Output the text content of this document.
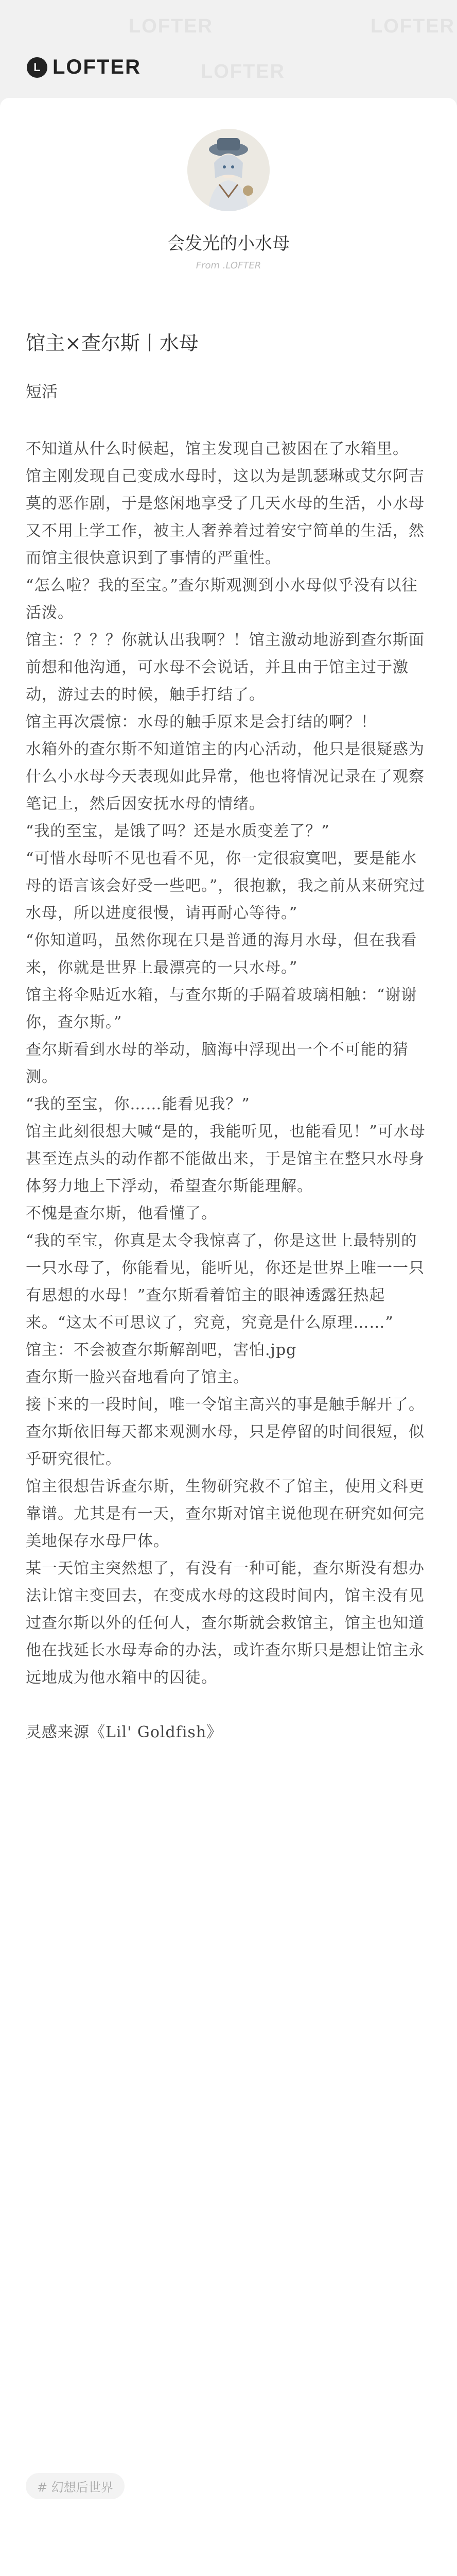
LOFTER	LOFTER
LOFTER
L LOFTER
会发光的小水母
From .LOFTER
馆主×查尔斯丨水母
短活

不知道从什么时候起，馆主发现自己被困在了水箱里。

馆主刚发现自己变成水母时，这以为是凯瑟琳或艾尔阿吉莫的恶作剧，于是悠闲地享受了几天水母的生活，小水母又不用上学工作，被主人奢养着过着安宁简单的生活，然而馆主很快意识到了事情的严重性。

“怎么啦？我的至宝。”查尔斯观测到小水母似乎没有以往活泼。

馆主：？？？你就认出我啊？！馆主激动地游到查尔斯面前想和他沟通，可水母不会说话，并且由于馆主过于激动，游过去的时候，触手打结了。

馆主再次震惊：水母的触手原来是会打结的啊？！

水箱外的查尔斯不知道馆主的内心活动，他只是很疑惑为什么小水母今天表现如此异常，他也将情况记录在了观察笔记上，然后因安抚水母的情绪。

“我的至宝，是饿了吗？还是水质变差了？”

“可惜水母听不见也看不见，你一定很寂寞吧，要是能水母的语言该会好受一些吧。”，很抱歉，我之前从来研究过水母，所以进度很慢，请再耐心等待。”

“你知道吗，虽然你现在只是普通的海月水母，但在我看来，你就是世界上最漂亮的一只水母。”

馆主将伞贴近水箱，与查尔斯的手隔着玻璃相触：“谢谢你，查尔斯。”

查尔斯看到水母的举动，脑海中浮现出一个不可能的猜测。

“我的至宝，你……能看见我？”

馆主此刻很想大喊“是的，我能听见，也能看见！”可水母甚至连点头的动作都不能做出来，于是馆主在整只水母身体努力地上下浮动，希望查尔斯能理解。

不愧是查尔斯，他看懂了。

“我的至宝，你真是太令我惊喜了，你是这世上最特别的一只水母了，你能看见，能听见，你还是世界上唯一一只有思想的水母！”查尔斯看着馆主的眼神透露狂热起来。“这太不可思议了，究竟，究竟是什么原理……”

馆主：不会被查尔斯解剖吧，害怕.jpg

查尔斯一脸兴奋地看向了馆主。

接下来的一段时间，唯一令馆主高兴的事是触手解开了。查尔斯依旧每天都来观测水母，只是停留的时间很短，似乎研究很忙。

馆主很想告诉查尔斯，生物研究救不了馆主，使用文科更靠谱。尤其是有一天，查尔斯对馆主说他现在研究如何完美地保存水母尸体。

某一天馆主突然想了，有没有一种可能，查尔斯没有想办法让馆主变回去，在变成水母的这段时间内，馆主没有见过查尔斯以外的任何人，查尔斯就会救馆主，馆主也知道他在找延长水母寿命的办法，或许查尔斯只是想让馆主永远地成为他水箱中的囚徒。

灵感来源《Lil' Goldfish》

# 幻想后世界
